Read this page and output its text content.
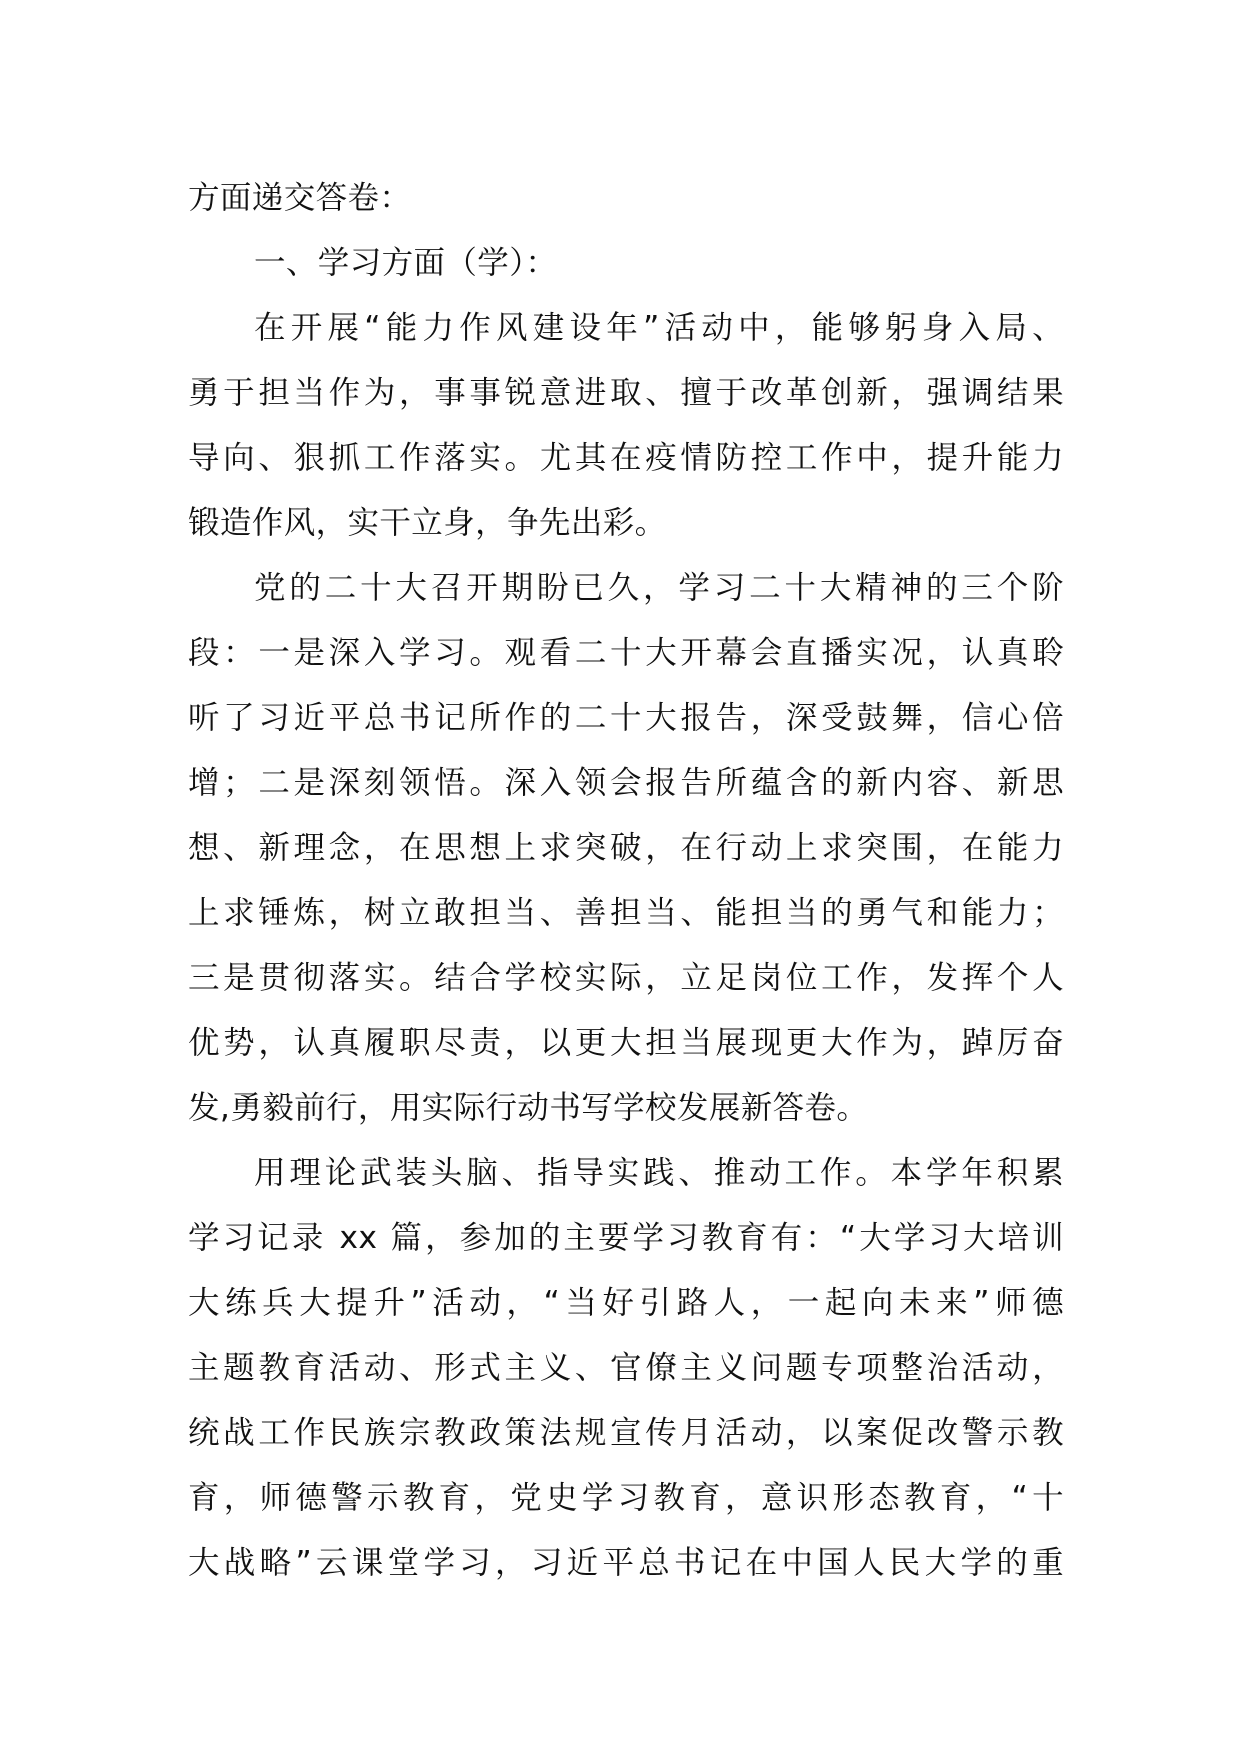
方面递交答卷：
一、学习方面（学）：
在开展“能力作风建设年”活动中，能够躬身入局、
勇于担当作为，事事锐意进取、擅于改革创新，强调结果
导向、狠抓工作落实。尤其在疫情防控工作中，提升能力
锻造作风，实干立身，争先出彩。
党的二十大召开期盼已久，学习二十大精神的三个阶
段：一是深入学习。观看二十大开幕会直播实况，认真聆
听了习近平总书记所作的二十大报告，深受鼓舞，信心倍
增；二是深刻领悟。深入领会报告所蕴含的新内容、新思
想、新理念，在思想上求突破，在行动上求突围，在能力
上求锤炼，树立敢担当、善担当、能担当的勇气和能力；
三是贯彻落实。结合学校实际，立足岗位工作，发挥个人
优势，认真履职尽责，以更大担当展现更大作为，踔厉奋
发,勇毅前行，用实际行动书写学校发展新答卷。
用理论武装头脑、指导实践、推动工作。本学年积累
学习记录 xx 篇，参加的主要学习教育有：“大学习大培训
大练兵大提升”活动，“当好引路人，一起向未来”师德
主题教育活动、形式主义、官僚主义问题专项整治活动，
统战工作民族宗教政策法规宣传月活动，以案促改警示教
育，师德警示教育，党史学习教育，意识形态教育，“十
大战略”云课堂学习，习近平总书记在中国人民大学的重
